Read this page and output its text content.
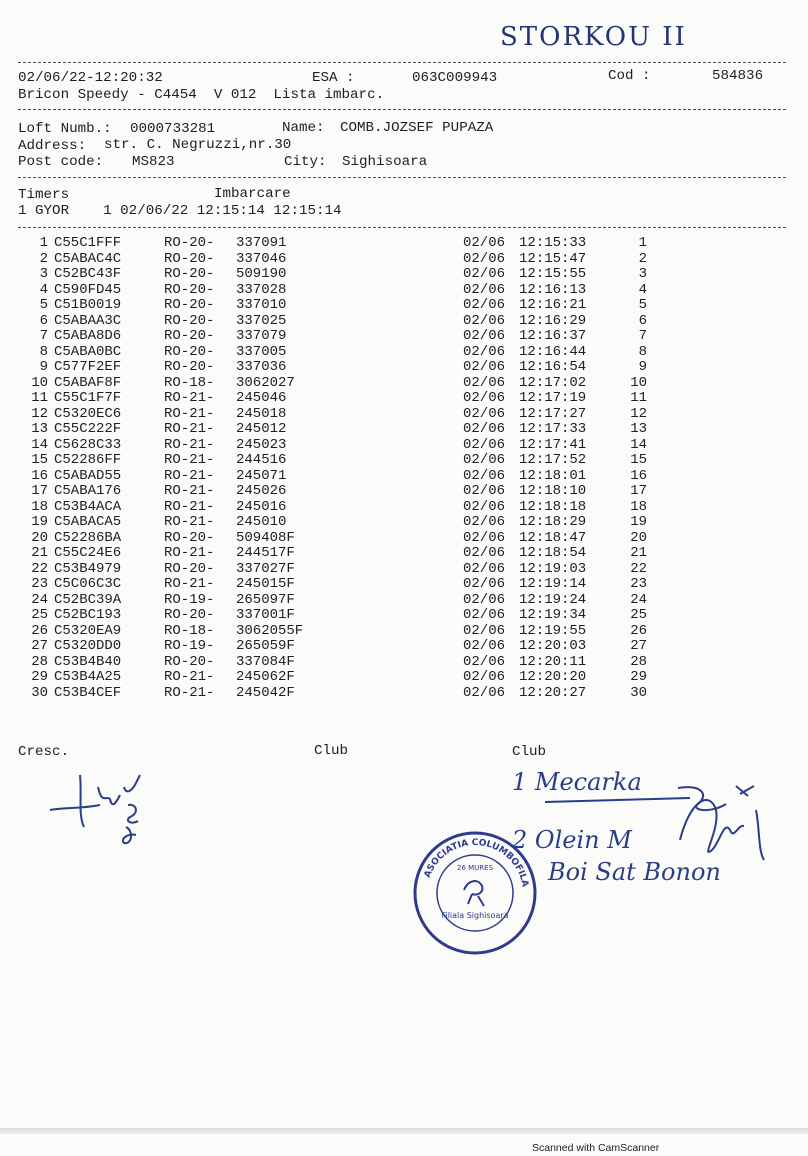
STORKOU II
02/06/22-12:20:32	ESA :	063C009943	Cod :	584836
Bricon Speedy - C4454  V 012  Lista imbarc.
Loft Numb.: 0000733281	Name: COMB.JOZSEF PUPAZA
Address: str. C. Negruzzi,nr.30
Post code: MS823	City: Sighisoara
Timers	Imbarcare
1 GYOR    1 02/06/22 12:15:14 12:15:14
1	C55C1FFF	RO-20-	337091	02/06	12:15:33	1
2	C5ABAC4C	RO-20-	337046	02/06	12:15:47	2
3	C52BC43F	RO-20-	509190	02/06	12:15:55	3
4	C590FD45	RO-20-	337028	02/06	12:16:13	4
5	C51B0019	RO-20-	337010	02/06	12:16:21	5
6	C5ABAA3C	RO-20-	337025	02/06	12:16:29	6
7	C5ABA8D6	RO-20-	337079	02/06	12:16:37	7
8	C5ABA0BC	RO-20-	337005	02/06	12:16:44	8
9	C577F2EF	RO-20-	337036	02/06	12:16:54	9
10	C5ABAF8F	RO-18-	3062027	02/06	12:17:02	10
11	C55C1F7F	RO-21-	245046	02/06	12:17:19	11
12	C5320EC6	RO-21-	245018	02/06	12:17:27	12
13	C55C222F	RO-21-	245012	02/06	12:17:33	13
14	C5628C33	RO-21-	245023	02/06	12:17:41	14
15	C52286FF	RO-21-	244516	02/06	12:17:52	15
16	C5ABAD55	RO-21-	245071	02/06	12:18:01	16
17	C5ABA176	RO-21-	245026	02/06	12:18:10	17
18	C53B4ACA	RO-21-	245016	02/06	12:18:18	18
19	C5ABACA5	RO-21-	245010	02/06	12:18:29	19
20	C52286BA	RO-20-	509408F	02/06	12:18:47	20
21	C55C24E6	RO-21-	244517F	02/06	12:18:54	21
22	C53B4979	RO-20-	337027F	02/06	12:19:03	22
23	C5C06C3C	RO-21-	245015F	02/06	12:19:14	23
24	C52BC39A	RO-19-	265097F	02/06	12:19:24	24
25	C52BC193	RO-20-	337001F	02/06	12:19:34	25
26	C5320EA9	RO-18-	3062055F	02/06	12:19:55	26
27	C5320DD0	RO-19-	265059F	02/06	12:20:03	27
28	C53B4B40	RO-20-	337084F	02/06	12:20:11	28
29	C53B4A25	RO-21-	245062F	02/06	12:20:20	29
30	C53B4CEF	RO-21-	245042F	02/06	12:20:27	30
Cresc.	Club	Club
1 Mecarka
2 Olein M
Boi Sat Bonon
ASOCIATIA COLUMBOFILA
Filiala Sighisoara
26 MURES
Scanned with CamScanner
